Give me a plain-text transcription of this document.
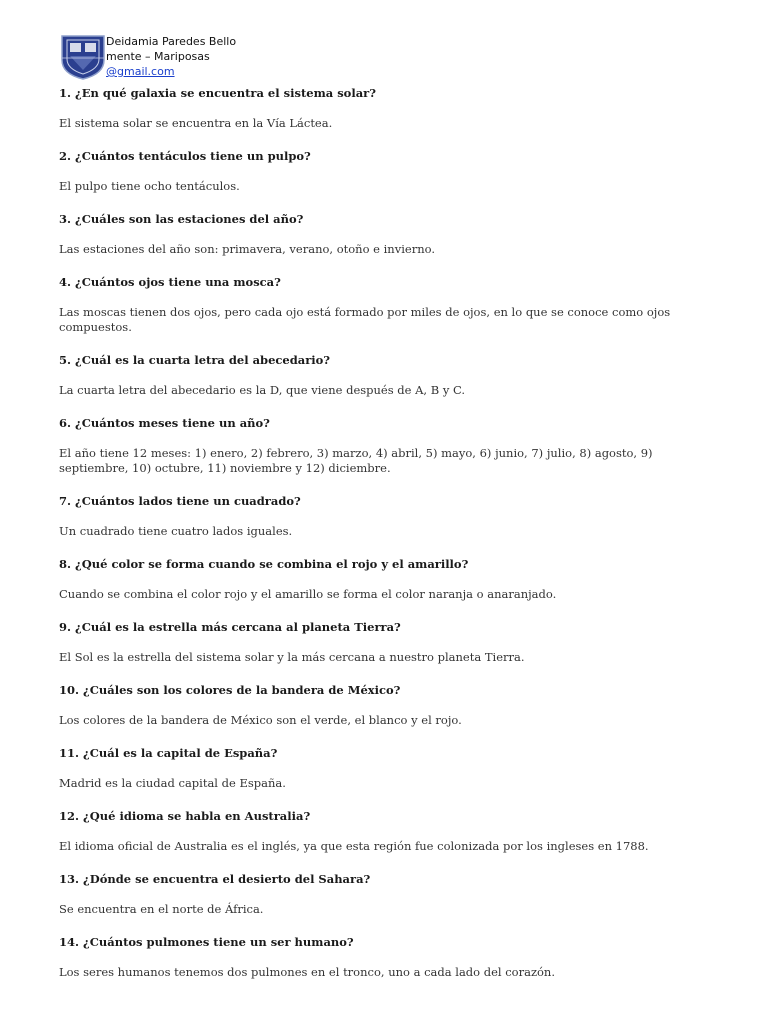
Deidamia Paredes Bello
mente – Mariposas
@gmail.com

1. ¿En qué galaxia se encuentra el sistema solar?

El sistema solar se encuentra en la Vía Láctea.

2. ¿Cuántos tentáculos tiene un pulpo?

El pulpo tiene ocho tentáculos.

3. ¿Cuáles son las estaciones del año?

Las estaciones del año son: primavera, verano, otoño e invierno.

4. ¿Cuántos ojos tiene una mosca?

Las moscas tienen dos ojos, pero cada ojo está formado por miles de ojos, en lo que se conoce como ojos compuestos.

5. ¿Cuál es la cuarta letra del abecedario?

La cuarta letra del abecedario es la D, que viene después de A, B y C.

6. ¿Cuántos meses tiene un año?

El año tiene 12 meses: 1) enero, 2) febrero, 3) marzo, 4) abril, 5) mayo, 6) junio, 7) julio, 8) agosto, 9) septiembre, 10) octubre, 11) noviembre y 12) diciembre.

7. ¿Cuántos lados tiene un cuadrado?

Un cuadrado tiene cuatro lados iguales.

8. ¿Qué color se forma cuando se combina el rojo y el amarillo?

Cuando se combina el color rojo y el amarillo se forma el color naranja o anaranjado.

9. ¿Cuál es la estrella más cercana al planeta Tierra?

El Sol es la estrella del sistema solar y la más cercana a nuestro planeta Tierra.

10. ¿Cuáles son los colores de la bandera de México?

Los colores de la bandera de México son el verde, el blanco y el rojo.

11. ¿Cuál es la capital de España?

Madrid es la ciudad capital de España.

12. ¿Qué idioma se habla en Australia?

El idioma oficial de Australia es el inglés, ya que esta región fue colonizada por los ingleses en 1788.

13. ¿Dónde se encuentra el desierto del Sahara?

Se encuentra en el norte de África.

14. ¿Cuántos pulmones tiene un ser humano?

Los seres humanos tenemos dos pulmones en el tronco, uno a cada lado del corazón.
